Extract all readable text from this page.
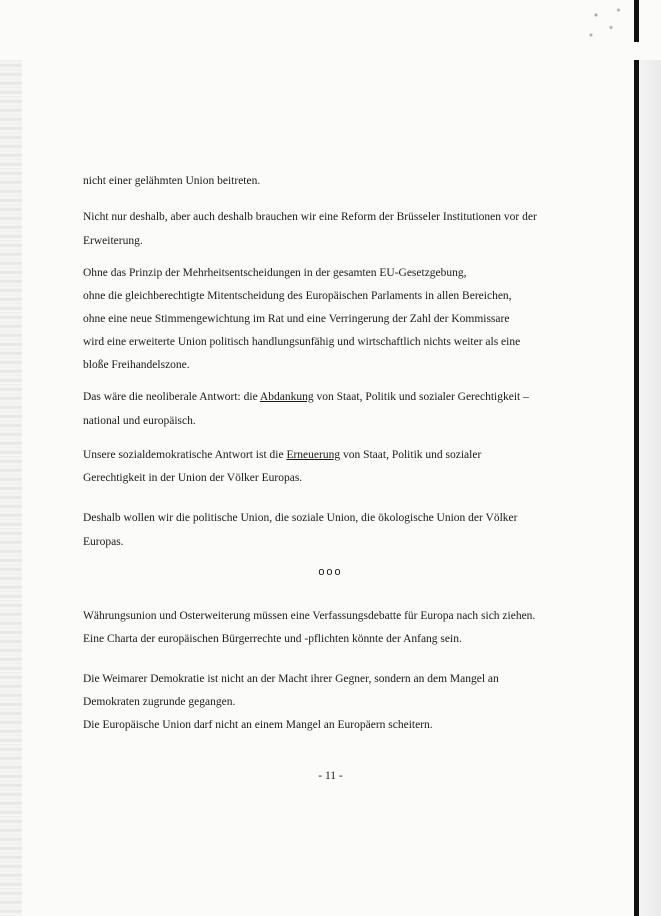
nicht einer gelähmten Union beitreten.
Nicht nur deshalb, aber auch deshalb brauchen wir eine Reform der Brüsseler Institutionen vor der
Erweiterung.
Ohne das Prinzip der Mehrheitsentscheidungen in der gesamten EU-Gesetzgebung,
ohne die gleichberechtigte Mitentscheidung des Europäischen Parlaments in allen Bereichen,
ohne eine neue Stimmengewichtung im Rat und eine Verringerung der Zahl der Kommissare
wird eine erweiterte Union politisch handlungsunfähig und wirtschaftlich nichts weiter als eine
bloße Freihandelszone.
Das wäre die neoliberale Antwort: die Abdankung von Staat, Politik und sozialer Gerechtigkeit –
national und europäisch.
Unsere sozialdemokratische Antwort ist die Erneuerung von Staat, Politik und sozialer
Gerechtigkeit in der Union der Völker Europas.
Deshalb wollen wir die politische Union, die soziale Union, die ökologische Union der Völker
Europas.
Währungsunion und Osterweiterung müssen eine Verfassungsdebatte für Europa nach sich ziehen.
Eine Charta der europäischen Bürgerrechte und -pflichten könnte der Anfang sein.
Die Weimarer Demokratie ist nicht an der Macht ihrer Gegner, sondern an dem Mangel an
Demokraten zugrunde gegangen.
Die Europäische Union darf nicht an einem Mangel an Europäern scheitern.
ooo
- 11 -
